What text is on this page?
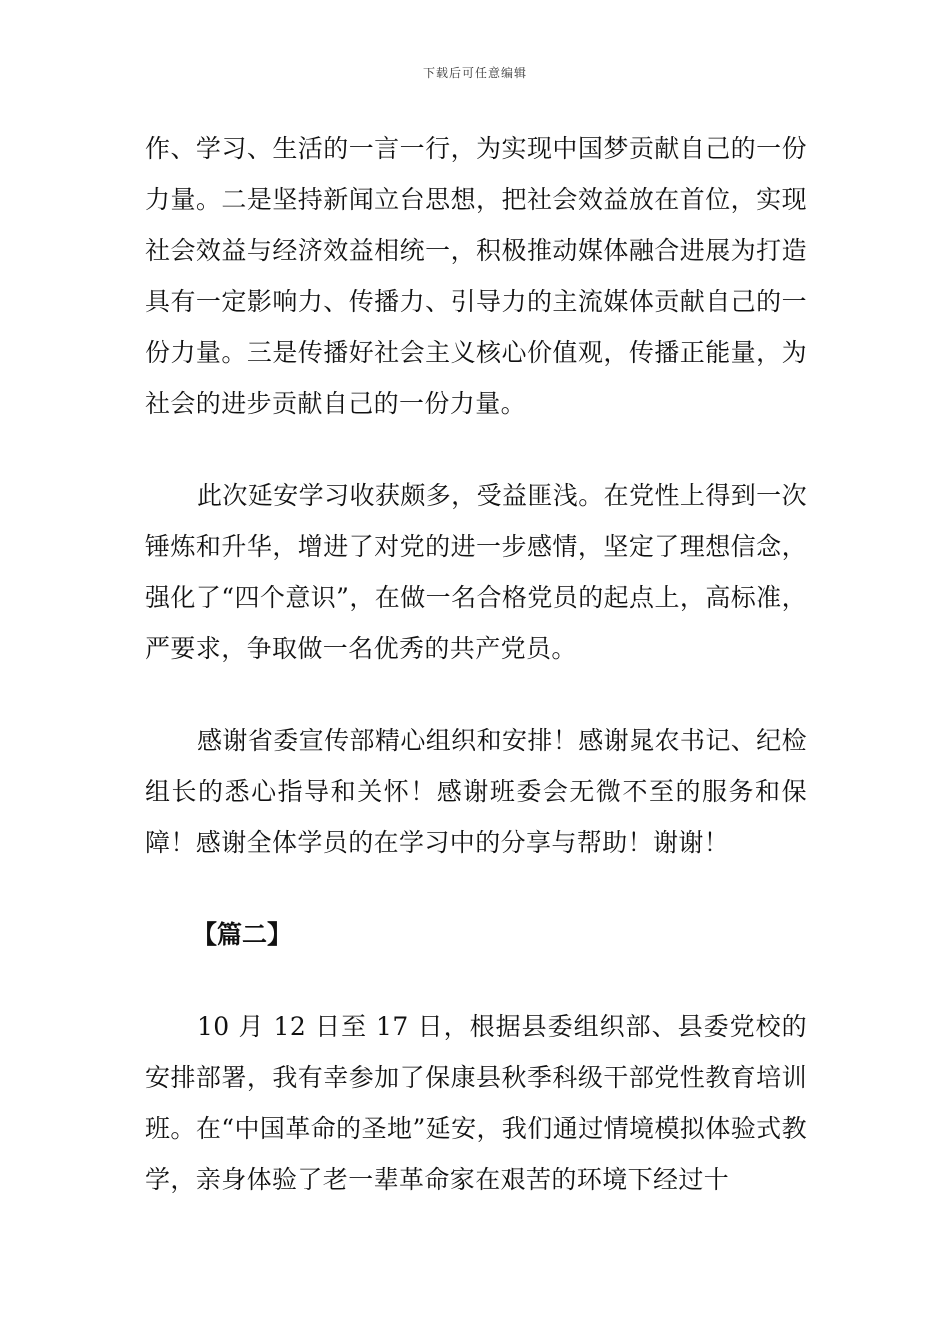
下载后可任意编辑

作、学习、生活的一言一行，为实现中国梦贡献自己的一份力量。二是坚持新闻立台思想，把社会效益放在首位，实现社会效益与经济效益相统一，积极推动媒体融合进展为打造具有一定影响力、传播力、引导力的主流媒体贡献自己的一份力量。三是传播好社会主义核心价值观，传播正能量，为社会的进步贡献自己的一份力量。

此次延安学习收获颇多，受益匪浅。在党性上得到一次锤炼和升华，增进了对党的进一步感情，坚定了理想信念，强化了“四个意识”，在做一名合格党员的起点上，高标准，严要求，争取做一名优秀的共产党员。

感谢省委宣传部精心组织和安排！感谢晁农书记、纪检组长的悉心指导和关怀！感谢班委会无微不至的服务和保障！感谢全体学员的在学习中的分享与帮助！谢谢！

【篇二】

10 月 12 日至 17 日，根据县委组织部、县委党校的安排部署，我有幸参加了保康县秋季科级干部党性教育培训班。在“中国革命的圣地”延安，我们通过情境模拟体验式教学，亲身体验了老一辈革命家在艰苦的环境下经过十
